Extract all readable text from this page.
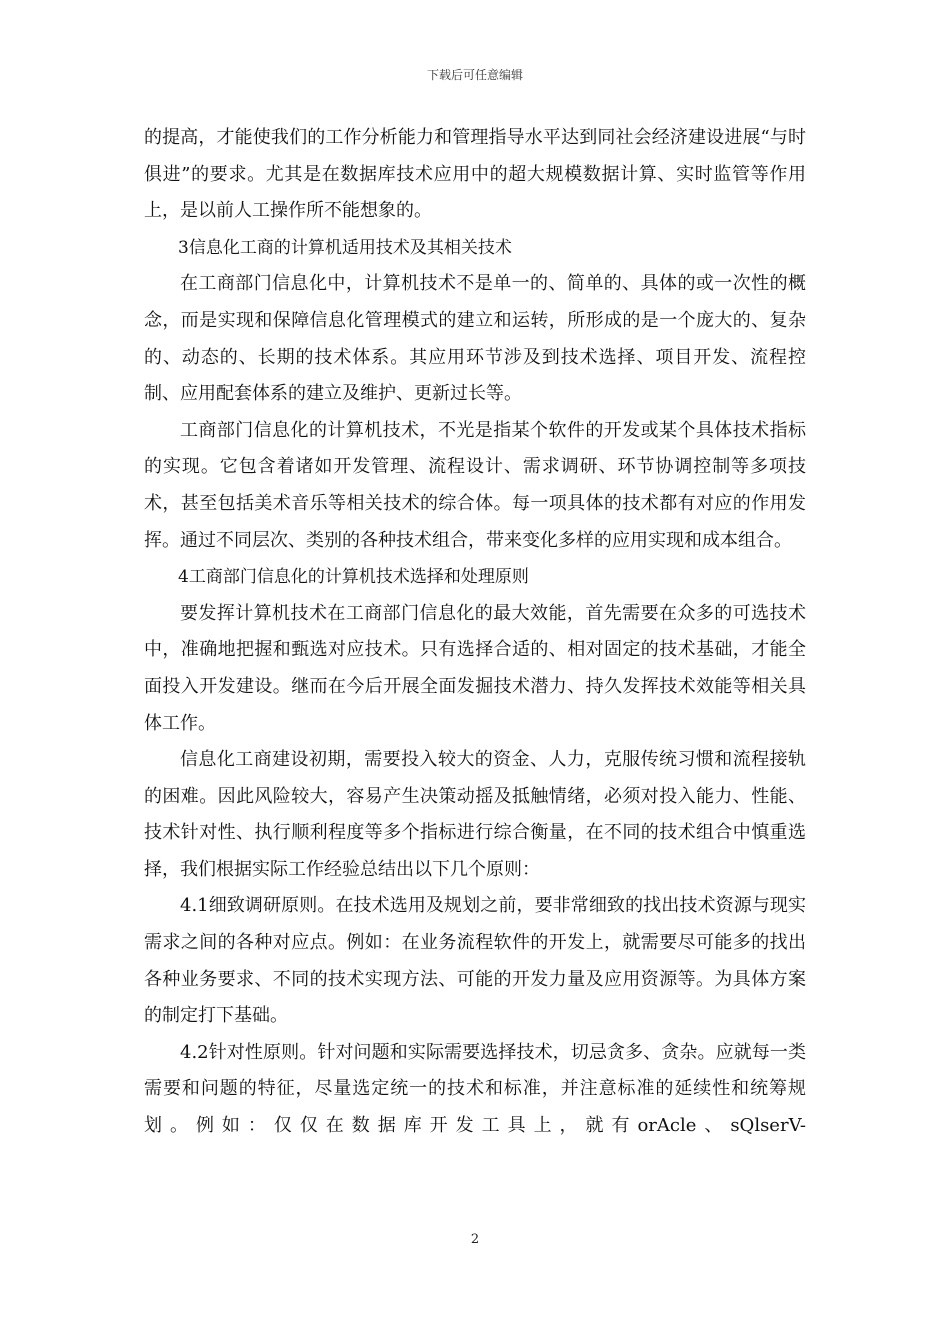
下载后可任意编辑

的提高，才能使我们的工作分析能力和管理指导水平达到同社会经济建设进展“与时俱进”的要求。尤其是在数据库技术应用中的超大规模数据计算、实时监管等作用上，是以前人工操作所不能想象的。

3信息化工商的计算机适用技术及其相关技术

在工商部门信息化中，计算机技术不是单一的、简单的、具体的或一次性的概念，而是实现和保障信息化管理模式的建立和运转，所形成的是一个庞大的、复杂的、动态的、长期的技术体系。其应用环节涉及到技术选择、项目开发、流程控制、应用配套体系的建立及维护、更新过长等。

工商部门信息化的计算机技术，不光是指某个软件的开发或某个具体技术指标的实现。它包含着诸如开发管理、流程设计、需求调研、环节协调控制等多项技术，甚至包括美术音乐等相关技术的综合体。每一项具体的技术都有对应的作用发挥。通过不同层次、类别的各种技术组合，带来变化多样的应用实现和成本组合。

4工商部门信息化的计算机技术选择和处理原则

要发挥计算机技术在工商部门信息化的最大效能，首先需要在众多的可选技术中，准确地把握和甄选对应技术。只有选择合适的、相对固定的技术基础，才能全面投入开发建设。继而在今后开展全面发掘技术潜力、持久发挥技术效能等相关具体工作。

信息化工商建设初期，需要投入较大的资金、人力，克服传统习惯和流程接轨的困难。因此风险较大，容易产生决策动摇及抵触情绪，必须对投入能力、性能、技术针对性、执行顺利程度等多个指标进行综合衡量，在不同的技术组合中慎重选择，我们根据实际工作经验总结出以下几个原则：

4.1细致调研原则。在技术选用及规划之前，要非常细致的找出技术资源与现实需求之间的各种对应点。例如：在业务流程软件的开发上，就需要尽可能多的找出各种业务要求、不同的技术实现方法、可能的开发力量及应用资源等。为具体方案的制定打下基础。

4.2针对性原则。针对问题和实际需要选择技术，切忌贪多、贪杂。应就每一类需要和问题的特征，尽量选定统一的技术和标准，并注意标准的延续性和统筹规划。例如：仅仅在数据库开发工具上，就有orAcle、sQlserV-

2
